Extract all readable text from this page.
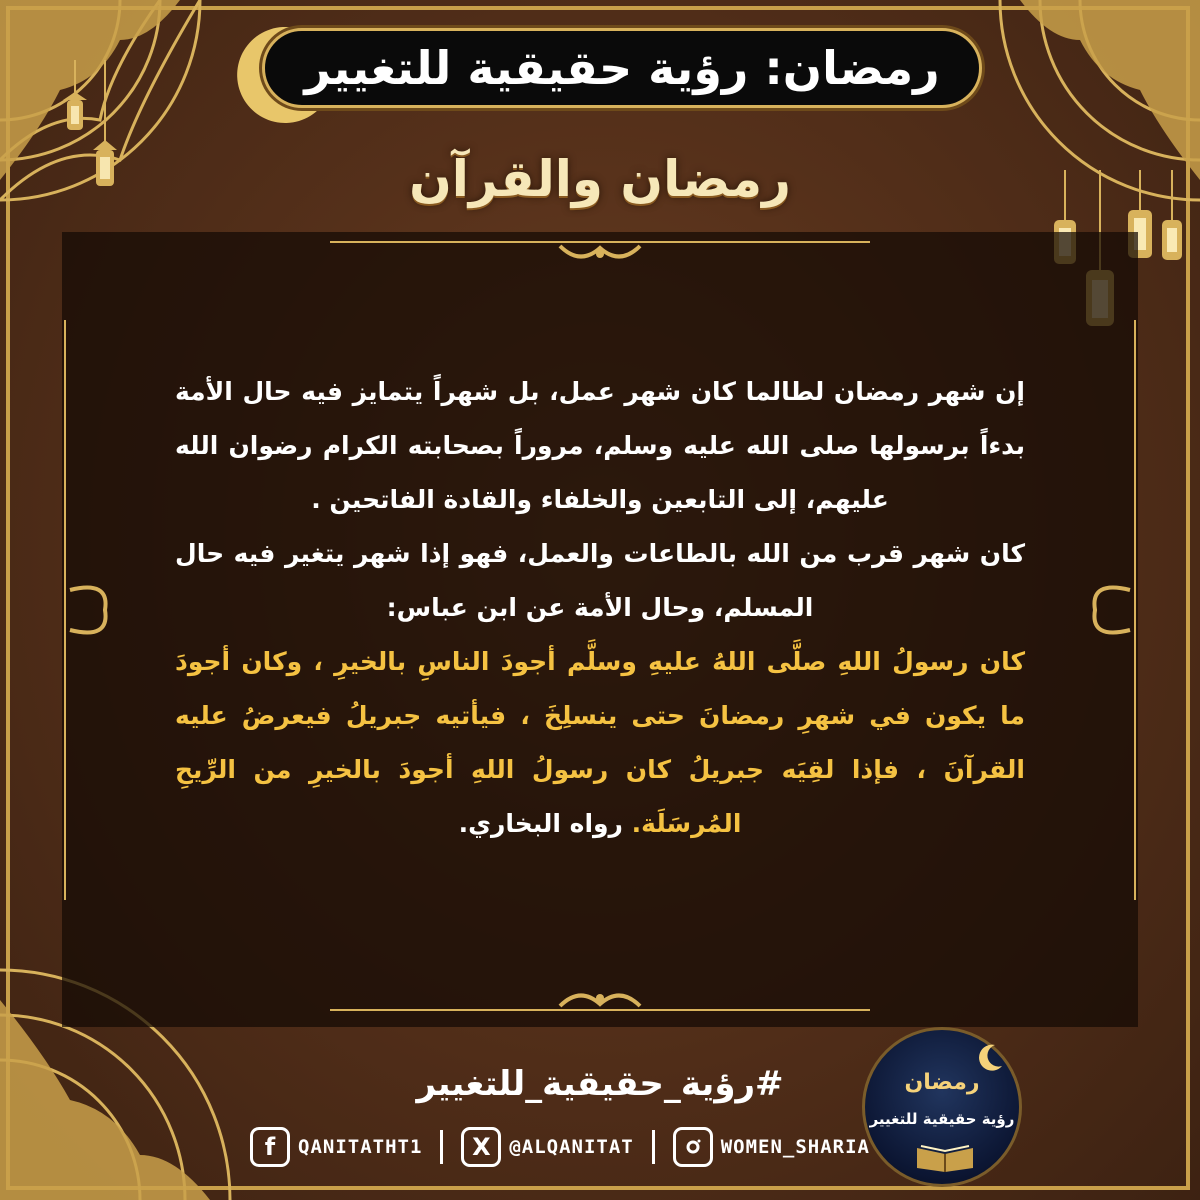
رمضان: رؤية حقيقية للتغيير
رمضان والقرآن

إن شهر رمضان لطالما كان شهر عمل، بل شهراً يتمايز فيه حال الأمة بدءاً برسولها صلى الله عليه وسلم، مروراً بصحابته الكرام رضوان الله عليهم، إلى التابعين والخلفاء والقادة الفاتحين .

كان شهر قرب من الله بالطاعات والعمل، فهو إذا شهر يتغير فيه حال المسلم، وحال الأمة عن ابن عباس:

كان رسولُ اللهِ صلَّى اللهُ عليهِ وسلَّم أجودَ الناسِ بالخيرِ ، وكان أجودَ ما يكون في شهرِ رمضانَ حتى ينسلِخَ ، فيأتيه جبريلُ فيعرضُ عليه القرآنَ ، فإذا لقِيَه جبريلُ كان رسولُ اللهِ أجودَ بالخيرِ من الرِّيحِ المُرسَلَة. رواه البخاري.

#رؤية_حقيقية_للتغيير
f	QANITATHT1	X @ALQANITAT	WOMEN_SHARIA
رمضان
رؤية حقيقية للتغيير
